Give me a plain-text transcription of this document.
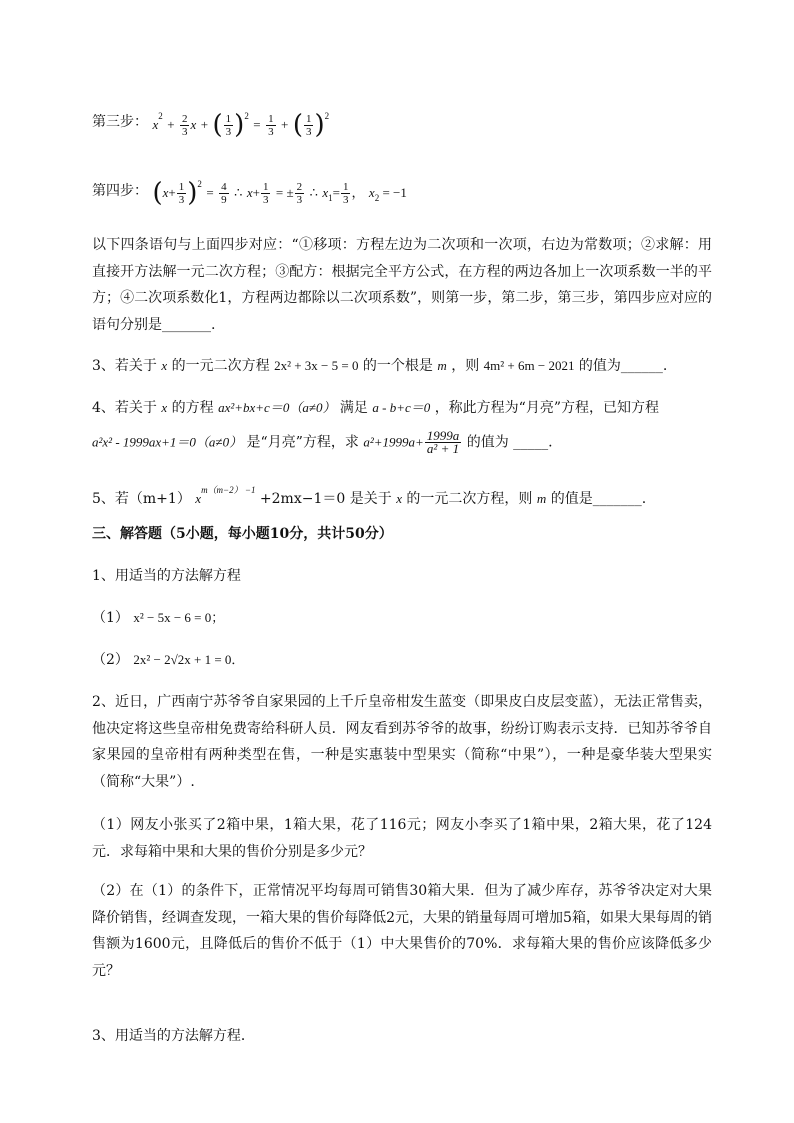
第三步： $x^2 + \frac{2}{3}$ x + ( $\frac{1}{3} )^2 = \frac{1}{3}$ + ( $\frac{1}{3} )^2$
第四步： $(x+ \frac{1}{3} )^2 = \frac{4}{9}$ ∴ $x+ \frac{1}{3}$ = ± $\frac{2}{3}$ ∴ $x_1= \frac{1}{3}$ ， $x_2 = -1$
以下四条语句与上面四步对应：“①移项：方程左边为二次项和一次项，右边为常数项；②求解：用直接开方法解一元二次方程；③配方：根据完全平方公式，在方程的两边各加上一次项系数一半的平方；④二次项系数化1，方程两边都除以二次项系数”，则第一步，第二步，第三步，第四步应对应的语句分别是_______.
3、若关于 x 的一元二次方程 2x² + 3x − 5 = 0 的一个根是 m ，则 4m² + 6m − 2021 的值为______.
4、若关于 x 的方程 ax²+bx+c＝0（a≠0） 满足 a - b+c＝0 ，称此方程为“月亮”方程，已知方程
a²x² - 1999ax+1＝0（a≠0） 是“月亮”方程，求 $a^2+1999a+ \frac{1999a}{\text{a² + 1}}$ 的值为 _____.
5、若（m+1） $x^{m(m-2) -1} +2mx-1=0$ 是关于 x 的一元二次方程，则 m 的值是_______.
三、解答题（5小题，每小题10分，共计50分）
1、用适当的方法解方程
（1） x² − 5x − 6 = 0；
（2） 2x² − 2√2x + 1 = 0．
2、近日，广西南宁苏爷爷自家果园的上千斤皇帝柑发生蓝变（即果皮白皮层变蓝），无法正常售卖，他决定将这些皇帝柑免费寄给科研人员．网友看到苏爷爷的故事，纷纷订购表示支持．已知苏爷爷自家果园的皇帝柑有两种类型在售，一种是实惠装中型果实（简称“中果”），一种是豪华装大型果实（简称“大果”）.
（1）网友小张买了2箱中果，1箱大果，花了116元；网友小李买了1箱中果，2箱大果，花了124元．求每箱中果和大果的售价分别是多少元？
（2）在（1）的条件下，正常情况平均每周可销售30箱大果．但为了减少库存，苏爷爷决定对大果降价销售，经调查发现，一箱大果的售价每降低2元，大果的销量每周可增加5箱，如果大果每周的销售额为1600元，且降低后的售价不低于（1）中大果售价的70%．求每箱大果的售价应该降低多少元？
3、用适当的方法解方程．
